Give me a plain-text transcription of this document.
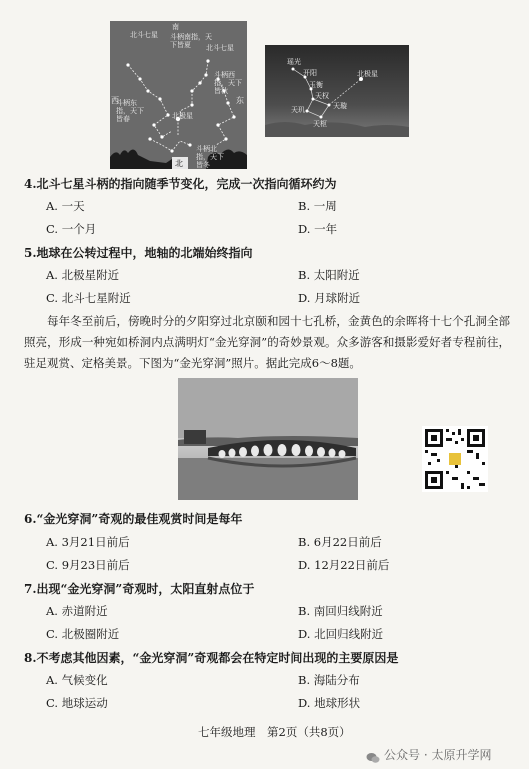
南
北斗七星 斗柄南指，天下皆夏	北斗七星
斗柄西指，天下皆秋
西
斗柄东指，天下皆春
东
北极星
斗柄北指，天下皆冬
北
瑶光
开阳
玉衡
天权
天玑	天璇
天枢
北极星
4.北斗七星斗柄的指向随季节变化，完成一次指向循环约为
A. 一天	B. 一周
C. 一个月	D. 一年
5.地球在公转过程中，地轴的北端始终指向
A. 北极星附近	B. 太阳附近
C. 北斗七星附近	D. 月球附近
每年冬至前后，傍晚时分的夕阳穿过北京颐和园十七孔桥，金黄色的余晖将十七个孔洞全部照亮，形成一种宛如桥洞内点满明灯“金光穿洞”的奇妙景观。众多游客和摄影爱好者专程前往，驻足观赏、定格美景。下图为“金光穿洞”照片。据此完成6～8题。
6.“金光穿洞”奇观的最佳观赏时间是每年
A. 3月21日前后	B. 6月22日前后
C. 9月23日前后	D. 12月22日前后
7.出现“金光穿洞”奇观时，太阳直射点位于
A. 赤道附近	B. 南回归线附近
C. 北极圈附近	D. 北回归线附近
8.不考虑其他因素，“金光穿洞”奇观都会在特定时间出现的主要原因是
A. 气候变化	B. 海陆分布
C. 地球运动	D. 地球形状
七年级地理　第2页（共8页）
公众号 · 太原升学网
